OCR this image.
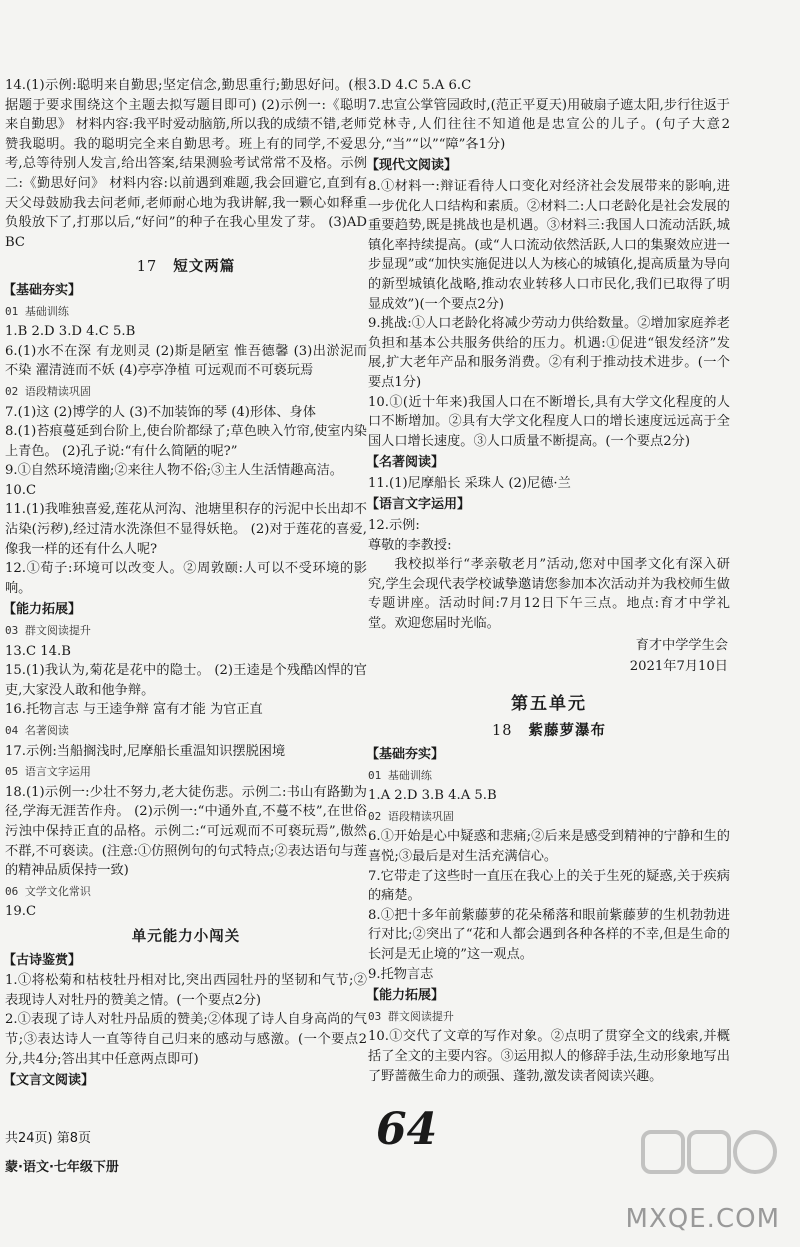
14.(1)示例:聪明来自勤思;坚定信念,勤思重行;勤思好问。(根据题于要求围绕这个主题去拟写题目即可) (2)示例一:《聪明来自勤思》 材料内容:我平时爱动脑筋,所以我的成绩不错,老师赞我聪明。我的聪明完全来自勤思考。班上有的同学,不爱思考,总等待别人发言,给出答案,结果测验考试常常不及格。示例二:《勤思好问》 材料内容:以前遇到难题,我会回避它,直到有天父母鼓励我去问老师,老师耐心地为我讲解,我一颗心如释重负般放下了,打那以后,“好问”的种子在我心里发了芽。 (3)AD BC
17 短文两篇
【基础夯实】
01 基础训练
1.B 2.D 3.D 4.C 5.B
6.(1)水不在深 有龙则灵 (2)斯是陋室 惟吾德馨 (3)出淤泥而不染 濯清涟而不妖 (4)亭亭净植 可远观而不可亵玩焉
02 语段精读巩固
7.(1)这 (2)博学的人 (3)不加装饰的琴 (4)形体、身体
8.(1)苔痕蔓延到台阶上,使台阶都绿了;草色映入竹帘,使室内染上青色。 (2)孔子说:“有什么简陋的呢?”
9.①自然环境清幽;②来往人物不俗;③主人生活情趣高洁。
10.C
11.(1)我唯独喜爱,莲花从河沟、池塘里积存的污泥中长出却不沾染(污秽),经过清水洗涤但不显得妖艳。 (2)对于莲花的喜爱,像我一样的还有什么人呢?
12.①荀子:环境可以改变人。②周敦颐:人可以不受环境的影响。
【能力拓展】
03 群文阅读提升
13.C 14.B
15.(1)我认为,菊花是花中的隐士。 (2)王逵是个残酷凶悍的官吏,大家没人敢和他争辩。
16.托物言志 与王逵争辩 富有才能 为官正直
04 名著阅读
17.示例:当船搁浅时,尼摩船长重温知识摆脱困境
05 语言文字运用
18.(1)示例一:少壮不努力,老大徒伤悲。示例二:书山有路勤为径,学海无涯苦作舟。 (2)示例一:“中通外直,不蔓不枝”,在世俗污浊中保持正直的品格。示例二:“可远观而不可亵玩焉”,傲然不群,不可亵读。(注意:①仿照例句的句式特点;②表达语句与莲的精神品质保持一致)
06 文学文化常识
19.C
单元能力小闯关
【古诗鉴赏】
1.①将松菊和枯枝牡丹相对比,突出西园牡丹的坚韧和气节;②表现诗人对牡丹的赞美之情。(一个要点2分)
2.①表现了诗人对牡丹品质的赞美;②体现了诗人自身高尚的气节;③表达诗人一直等待自己归来的感动与感激。(一个要点2分,共4分;答出其中任意两点即可)
【文言文阅读】
3.D 4.C 5.A 6.C
7.忠宣公掌管园政时,(范正平夏天)用破扇子遮太阳,步行往返于党林寺,人们往往不知道他是忠宣公的儿子。(句子大意2分,“当”“以”“障”各1分)
【现代文阅读】
8.①材料一:辩证看待人口变化对经济社会发展带来的影响,进一步优化人口结构和素质。②材料二:人口老龄化是社会发展的重要趋势,既是挑战也是机遇。③材料三:我国人口流动活跃,城镇化率持续提高。(或“人口流动依然活跃,人口的集聚效应进一步显现”或“加快实施促进以人为核心的城镇化,提高质量为导向的新型城镇化战略,推动农业转移人口市民化,我们已取得了明显成效”)(一个要点2分)
9.挑战:①人口老龄化将减少劳动力供给数量。②增加家庭养老负担和基本公共服务供给的压力。机遇:①促进“银发经济”发展,扩大老年产品和服务消费。②有利于推动技术进步。(一个要点1分)
10.①(近十年来)我国人口在不断增长,具有大学文化程度的人口不断增加。②具有大学文化程度人口的增长速度远远高于全国人口增长速度。③人口质量不断提高。(一个要点2分)
【名著阅读】
11.(1)尼摩船长 采珠人 (2)尼德·兰
【语言文字运用】
12.示例:
尊敬的李教授:
我校拟举行“孝亲敬老月”活动,您对中国孝文化有深入研究,学生会现代表学校诚挚邀请您参加本次活动并为我校师生做专题讲座。活动时间:7月12日下午三点。地点:育才中学礼堂。欢迎您届时光临。
育才中学学生会
2021年7月10日
第五单元
18 紫藤萝瀑布
【基础夯实】
01 基础训练
1.A 2.D 3.B 4.A 5.B
02 语段精读巩固
6.①开始是心中疑惑和悲痛;②后来是感受到精神的宁静和生的喜悦;③最后是对生活充满信心。
7.它带走了这些时一直压在我心上的关于生死的疑惑,关于疾病的痛楚。
8.①把十多年前紫藤萝的花朵稀落和眼前紫藤萝的生机勃勃进行对比;②突出了“花和人都会遇到各种各样的不幸,但是生命的长河是无止境的”这一观点。
9.托物言志
【能力拓展】
03 群文阅读提升
10.①交代了文章的写作对象。②点明了贯穿全文的线索,并概括了全文的主要内容。③运用拟人的修辞手法,生动形象地写出了野蔷薇生命力的顽强、蓬勃,激发读者阅读兴趣。
共24页) 第8页
蒙·语文·七年级下册
64
MXQE.COM
